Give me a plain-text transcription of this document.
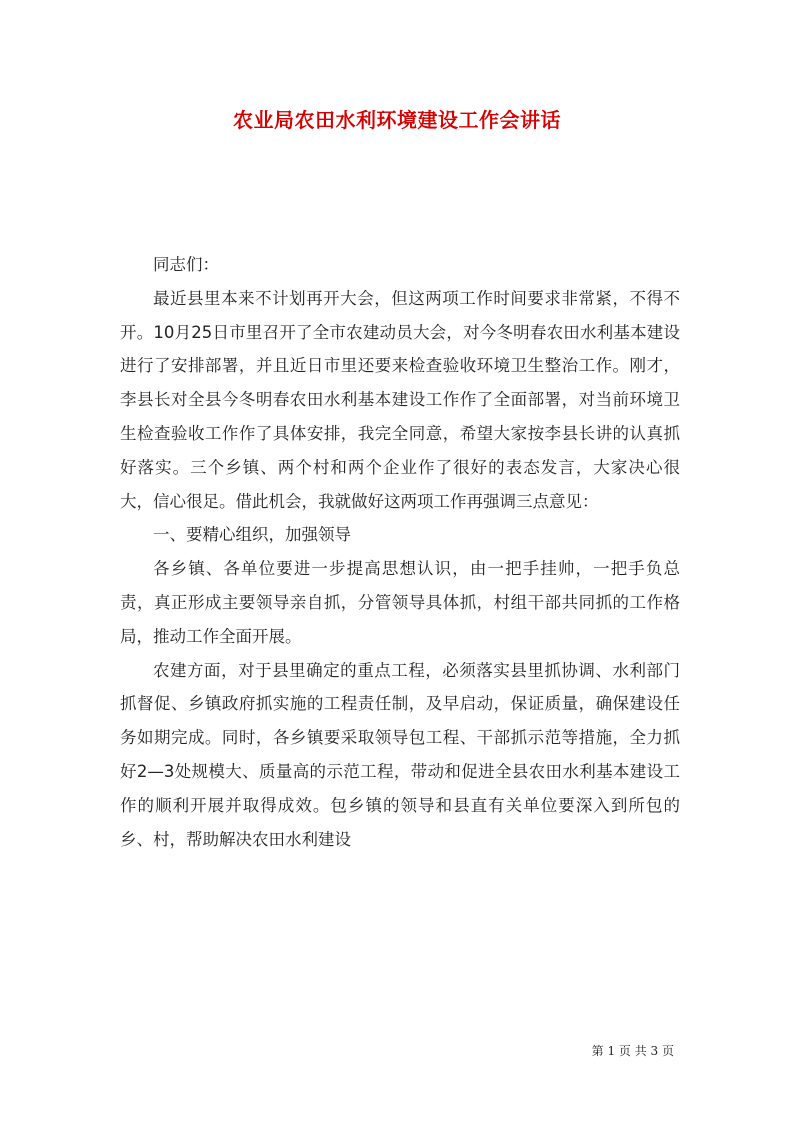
农业局农田水利环境建设工作会讲话

同志们：

最近县里本来不计划再开大会，但这两项工作时间要求非常紧，不得不开。10月25日市里召开了全市农建动员大会，对今冬明春农田水利基本建设进行了安排部署，并且近日市里还要来检查验收环境卫生整治工作。刚才，李县长对全县今冬明春农田水利基本建设工作作了全面部署，对当前环境卫生检查验收工作作了具体安排，我完全同意，希望大家按李县长讲的认真抓好落实。三个乡镇、两个村和两个企业作了很好的表态发言，大家决心很大，信心很足。借此机会，我就做好这两项工作再强调三点意见：

一、要精心组织，加强领导

各乡镇、各单位要进一步提高思想认识，由一把手挂帅，一把手负总责，真正形成主要领导亲自抓，分管领导具体抓，村组干部共同抓的工作格局，推动工作全面开展。

农建方面，对于县里确定的重点工程，必须落实县里抓协调、水利部门抓督促、乡镇政府抓实施的工程责任制，及早启动，保证质量，确保建设任务如期完成。同时，各乡镇要采取领导包工程、干部抓示范等措施，全力抓好2—3处规模大、质量高的示范工程，带动和促进全县农田水利基本建设工作的顺利开展并取得成效。包乡镇的领导和县直有关单位要深入到所包的乡、村，帮助解决农田水利建设

第 1 页 共 3 页
